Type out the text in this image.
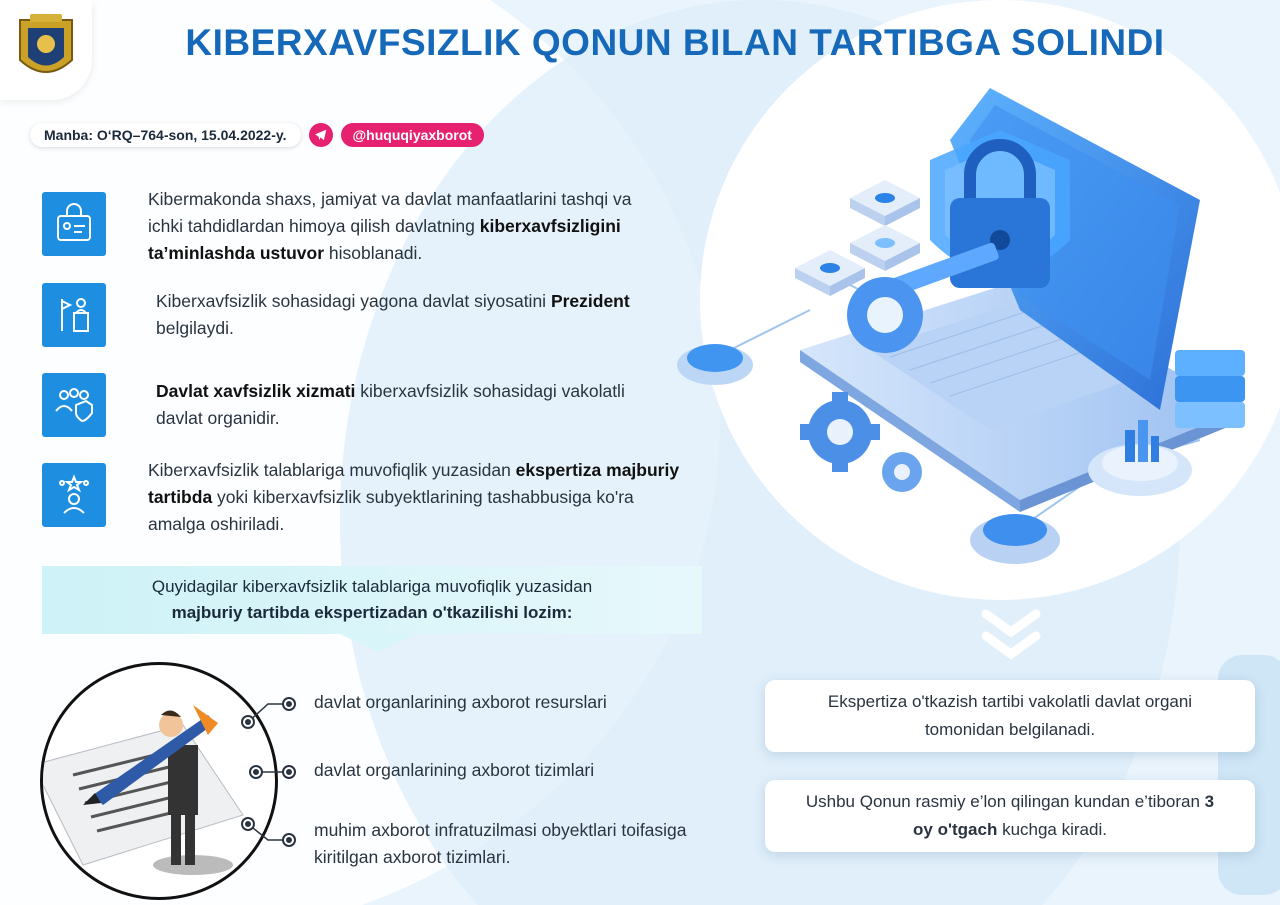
KIBERXAVFSIZLIK QONUN BILAN TARTIBGA SOLINDI
Manba: O‘RQ–764-son, 15.04.2022-y.	@huquqiyaxborot
Kibermakonda shaxs, jamiyat va davlat manfaatlarini tashqi va ichki tahdidlardan himoya qilish davlatning kiberxavfsizligini ta’minlashda ustuvor hisoblanadi.
Kiberxavfsizlik sohasidagi yagona davlat siyosatini Prezident belgilaydi.
Davlat xavfsizlik xizmati kiberxavfsizlik sohasidagi vakolatli davlat organidir.
Kiberxavfsizlik talablariga muvofiqlik yuzasidan ekspertiza majburiy tartibda yoki kiberxavfsizlik subyektlarining tashabbusiga ko'ra amalga oshiriladi.
Quyidagilar kiberxavfsizlik talablariga muvofiqlik yuzasidan
majburiy tartibda ekspertizadan o'tkazilishi lozim:
davlat organlarining axborot resurslari
davlat organlarining axborot tizimlari
muhim axborot infratuzilmasi obyektlari toifasiga kiritilgan axborot tizimlari.
Ekspertiza o'tkazish tartibi vakolatli davlat organi tomonidan belgilanadi.
Ushbu Qonun rasmiy e’lon qilingan kundan e’tiboran 3 oy o'tgach kuchga kiradi.
